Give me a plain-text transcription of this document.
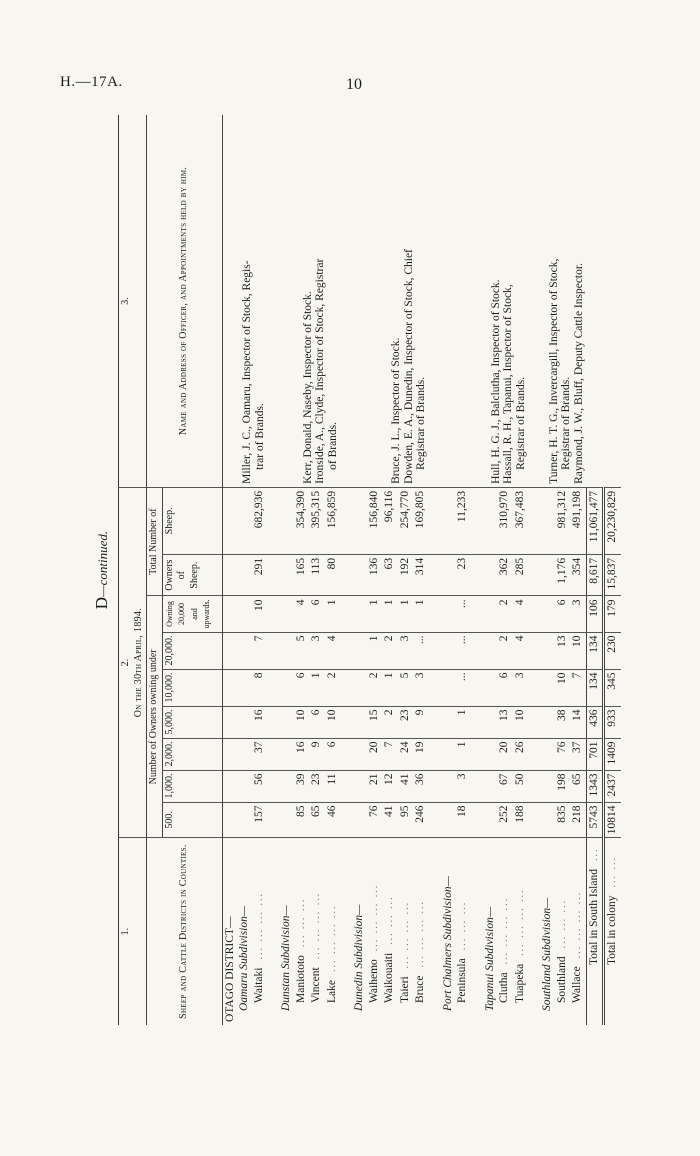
H.—17A.	10
D—continued.
1.	2. On the 30th April, 1894.									3.
Sheep and Cattle Districts in Counties.	Number of Owners owning under							Total Number of		Name and Address of Officer, and Appointments held by him.
	500.	1,000.	2,000.	5,000.	10,000.	20,000.	Owning 20,000 and upwards.	Owners of Sheep.	Sheep.	
OTAGO DISTRICT—										
Oamaru Subdivision—										Miller, J. C., Oamaru, Inspector of Stock, Regis- trar of Brands.

Waitaki... ... ... ...	157	56	37	16	8	7	10	291	682,936	

Dunstan Subdivision—										Kerr, Donald, Naseby, Inspector of Stock. Ironside, A., Clyde, Inspector of Stock, Registrar of Brands.

Maniototo... ... ...	85	39	16	10	6	5	4	165	354,390	
Vincent... ... ... ...	65	23	9	6	1	3	6	113	395,315	
Lake... ... ... ...	46	11	6	10	2	4	1	80	156,859	

Dunedin Subdivision—										Bruce, J. L., Inspector of Stock. Dowden, E. A., Dunedin, Inspector of Stock, Chief Registrar of Brands.

Waihemo... ... ... ...	76	21	20	15	2	1	1	136	156,840	
Waikouaiti... ... ...	41	12	7	2	1	2	1	63	96,116	
Taieri... ... ... ...	95	41	24	23	5	3	1	192	254,770	
Bruce... ... ... ...	246	36	19	9	3	...	1	314	169,805	

Port Chalmers Subdivision—										
Peninsula... ... ...	18	3	1	1	...	...	...	23	11,233	

Tapanui Subdivision—										Hull, H. G. J., Balclutha, Inspector of Stock. Hassall, R. H., Tapanui, Inspector of Stock, Registrar of Brands.

Clutha... ... ... ...	252	67	20	13	6	2	2	362	310,970	
Tuapeka... ... ... ...	188	50	26	10	3	4	4	285	367,483	

Southland Subdivision—										Turner, H. T. G., Invercargill, Inspector of Stock, Registrar of Brands. Raymond, J. W., Bluff, Deputy Cattle Inspector.

Southland... ... ...	835	198	76	38	10	13	6	1,176	981,312	
Wallace... ... ... ...	218	65	37	14	7	10	3	354	491,198	
Total in South Island...	5743	1343	701	436	134	134	106	8,617	11,061,477	
Total in colony... ...	10814	2437	1409	933	345	230	179	15,837	20,230,829	
